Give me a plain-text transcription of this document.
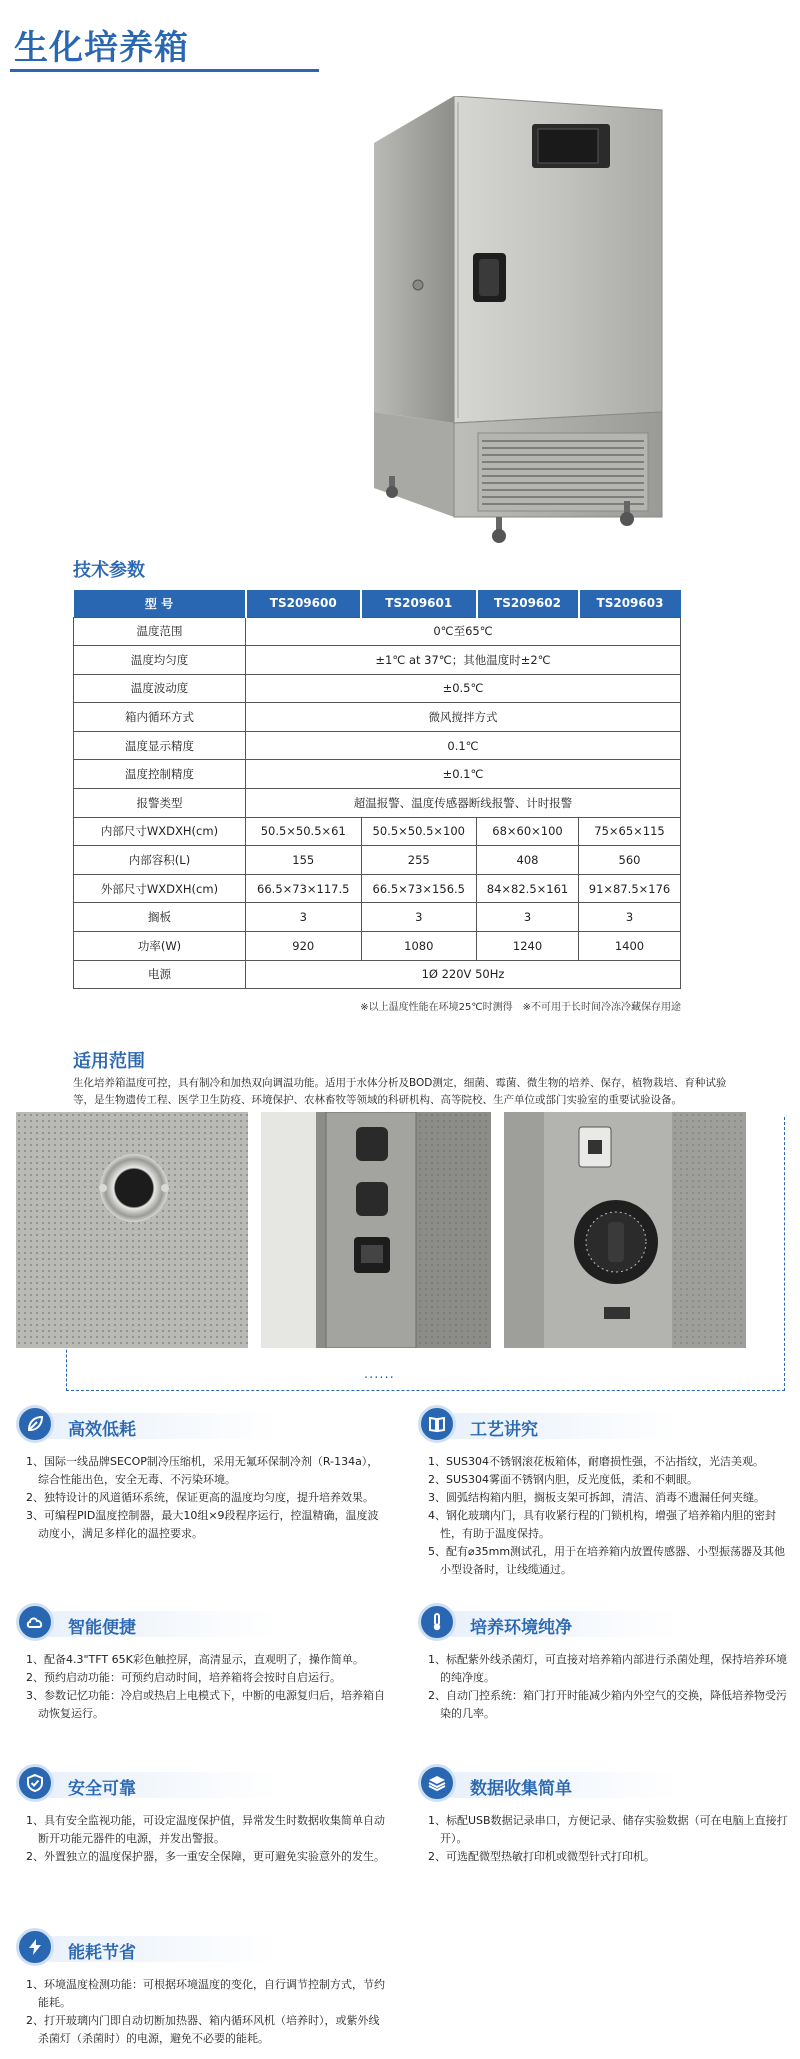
生化培养箱
技术参数
型 号	TS209600	TS209601	TS209602	TS209603
温度范围	0℃至65℃			
温度均匀度	±1℃ at 37℃；其他温度时±2℃			
温度波动度	±0.5℃			
箱内循环方式	微风搅拌方式			
温度显示精度	0.1℃			
温度控制精度	±0.1℃			
报警类型	超温报警、温度传感器断线报警、计时报警			
内部尺寸WXDXH(cm)	50.5×50.5×61	50.5×50.5×100	68×60×100	75×65×115
内部容积(L)	155	255	408	560
外部尺寸WXDXH(cm)	66.5×73×117.5	66.5×73×156.5	84×82.5×161	91×87.5×176
搁板	3	3	3	3
功率(W)	920	1080	1240	1400
电源	1Ø 220V 50Hz			
※以上温度性能在环境25℃时测得　※不可用于长时间冷冻冷藏保存用途
适用范围
生化培养箱温度可控，具有制冷和加热双向调温功能。适用于水体分析及BOD测定，细菌、霉菌、微生物的培养、保存，植物栽培、育种试验等，是生物遗传工程、医学卫生防疫、环境保护、农林畜牧等领域的科研机构、高等院校、生产单位或部门实验室的重要试验设备。
......
高效低耗
1、国际一线品牌SECOP制冷压缩机，采用无氟环保制冷剂（R-134a），综合性能出色，安全无毒、不污染环境。
2、独特设计的风道循环系统，保证更高的温度均匀度，提升培养效果。
3、可编程PID温度控制器，最大10组×9段程序运行，控温精确，温度波动度小，满足多样化的温控要求。
工艺讲究
1、SUS304不锈钢滚花板箱体，耐磨损性强，不沾指纹，光洁美观。
2、SUS304雾面不锈钢内胆，反光度低，柔和不刺眼。
3、圆弧结构箱内胆，搁板支架可拆卸，清洁、消毒不遗漏任何夹缝。
4、钢化玻璃内门，具有收紧行程的门锁机构，增强了培养箱内胆的密封性，有助于温度保持。
5、配有⌀35mm测试孔，用于在培养箱内放置传感器、小型振荡器及其他小型设备时，让线缆通过。
智能便捷
1、配备4.3"TFT 65K彩色触控屏，高清显示，直观明了，操作简单。
2、预约启动功能：可预约启动时间，培养箱将会按时自启运行。
3、参数记忆功能：冷启或热启上电模式下，中断的电源复归后，培养箱自动恢复运行。
培养环境纯净
1、标配紫外线杀菌灯，可直接对培养箱内部进行杀菌处理，保持培养环境的纯净度。
2、自动门控系统：箱门打开时能减少箱内外空气的交换，降低培养物受污染的几率。
安全可靠
1、具有安全监视功能，可设定温度保护值，异常发生时数据收集简单自动断开功能元器件的电源，并发出警报。
2、外置独立的温度保护器，多一重安全保障，更可避免实验意外的发生。
数据收集简单
1、标配USB数据记录串口，方便记录、储存实验数据（可在电脑上直接打开）。
2、可选配微型热敏打印机或微型针式打印机。
能耗节省
1、环境温度检测功能：可根据环境温度的变化，自行调节控制方式，节约能耗。
2、打开玻璃内门即自动切断加热器、箱内循环风机（培养时），或紫外线杀菌灯（杀菌时）的电源，避免不必要的能耗。
